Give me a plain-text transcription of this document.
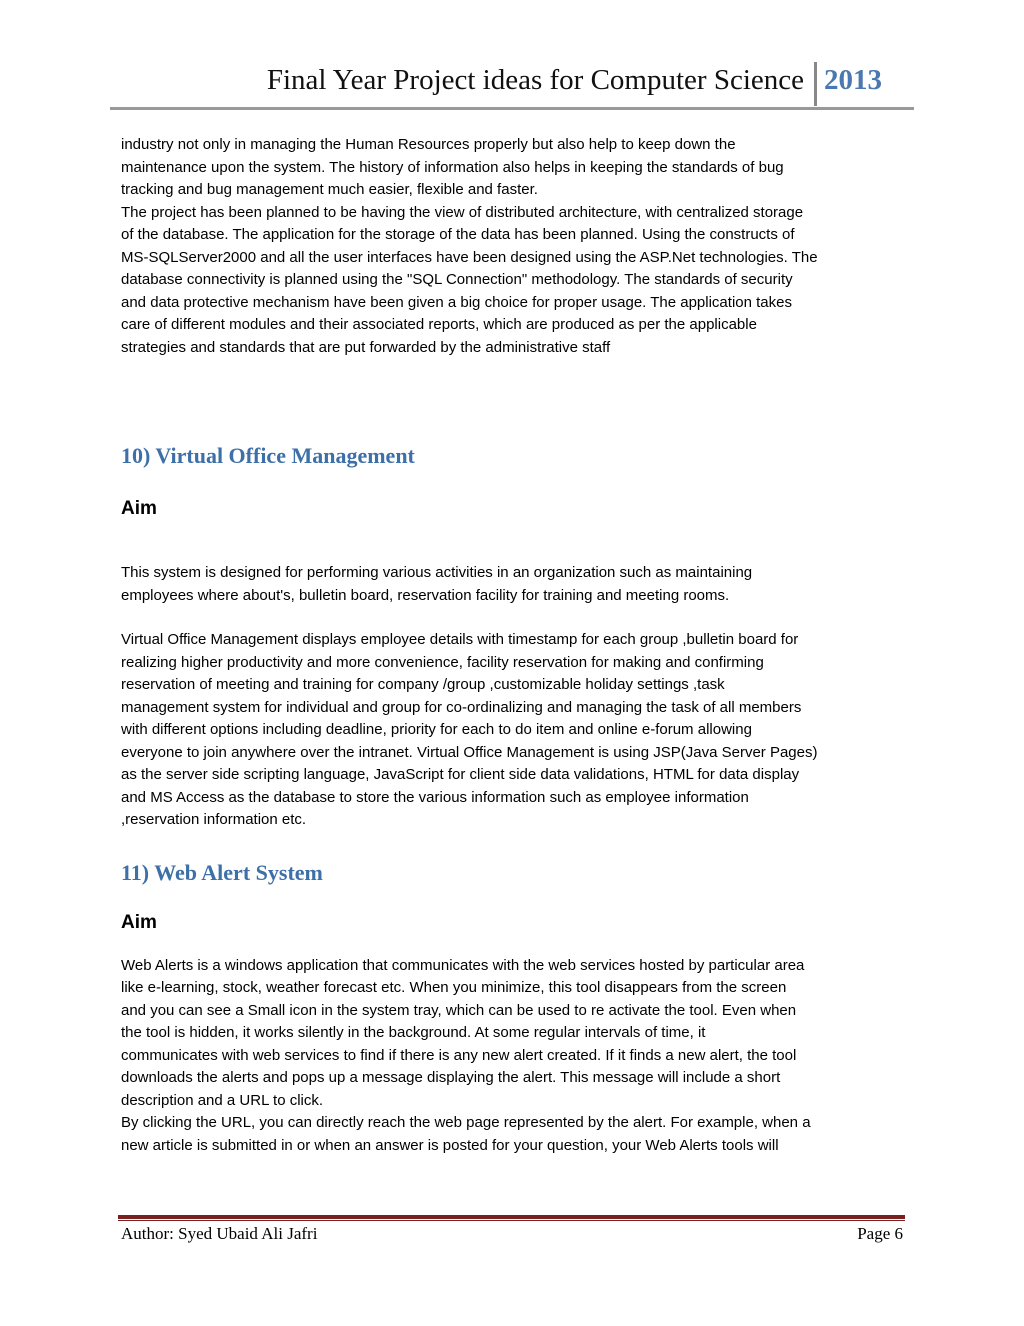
Final Year Project ideas for Computer Science 2013

industry not only in managing the Human Resources properly but also help to keep down the
maintenance upon the system. The history of information also helps in keeping the standards of bug
tracking and bug management much easier, flexible and faster.
The project has been planned to be having the view of distributed architecture, with centralized storage
of the database. The application for the storage of the data has been planned. Using the constructs of
MS-SQLServer2000 and all the user interfaces have been designed using the ASP.Net technologies. The
database connectivity is planned using the "SQL Connection" methodology. The standards of security
and data protective mechanism have been given a big choice for proper usage. The application takes
care of different modules and their associated reports, which are produced as per the applicable
strategies and standards that are put forwarded by the administrative staff

10) Virtual Office Management
Aim

This system is designed for performing various activities in an organization such as maintaining
employees where about's, bulletin board, reservation facility for training and meeting rooms.

Virtual Office Management displays employee details with timestamp for each group ,bulletin board for
realizing higher productivity and more convenience, facility reservation for making and confirming
reservation of meeting and training for company /group ,customizable holiday settings ,task
management system for individual and group for co-ordinalizing and managing the task of all members
with different options including deadline, priority for each to do item and online e-forum allowing
everyone to join anywhere over the intranet. Virtual Office Management is using JSP(Java Server Pages)
as the server side scripting language, JavaScript for client side data validations, HTML for data display
and MS Access as the database to store the various information such as employee information
,reservation information etc.

11) Web Alert System
Aim

Web Alerts is a windows application that communicates with the web services hosted by particular area
like e-learning, stock, weather forecast etc. When you minimize, this tool disappears from the screen
and you can see a Small icon in the system tray, which can be used to re activate the tool. Even when
the tool is hidden, it works silently in the background. At some regular intervals of time, it
communicates with web services to find if there is any new alert created. If it finds a new alert, the tool
downloads the alerts and pops up a message displaying the alert. This message will include a short
description and a URL to click.
By clicking the URL, you can directly reach the web page represented by the alert. For example, when a
new article is submitted in or when an answer is posted for your question, your Web Alerts tools will

Author: Syed Ubaid Ali Jafri	Page 6
